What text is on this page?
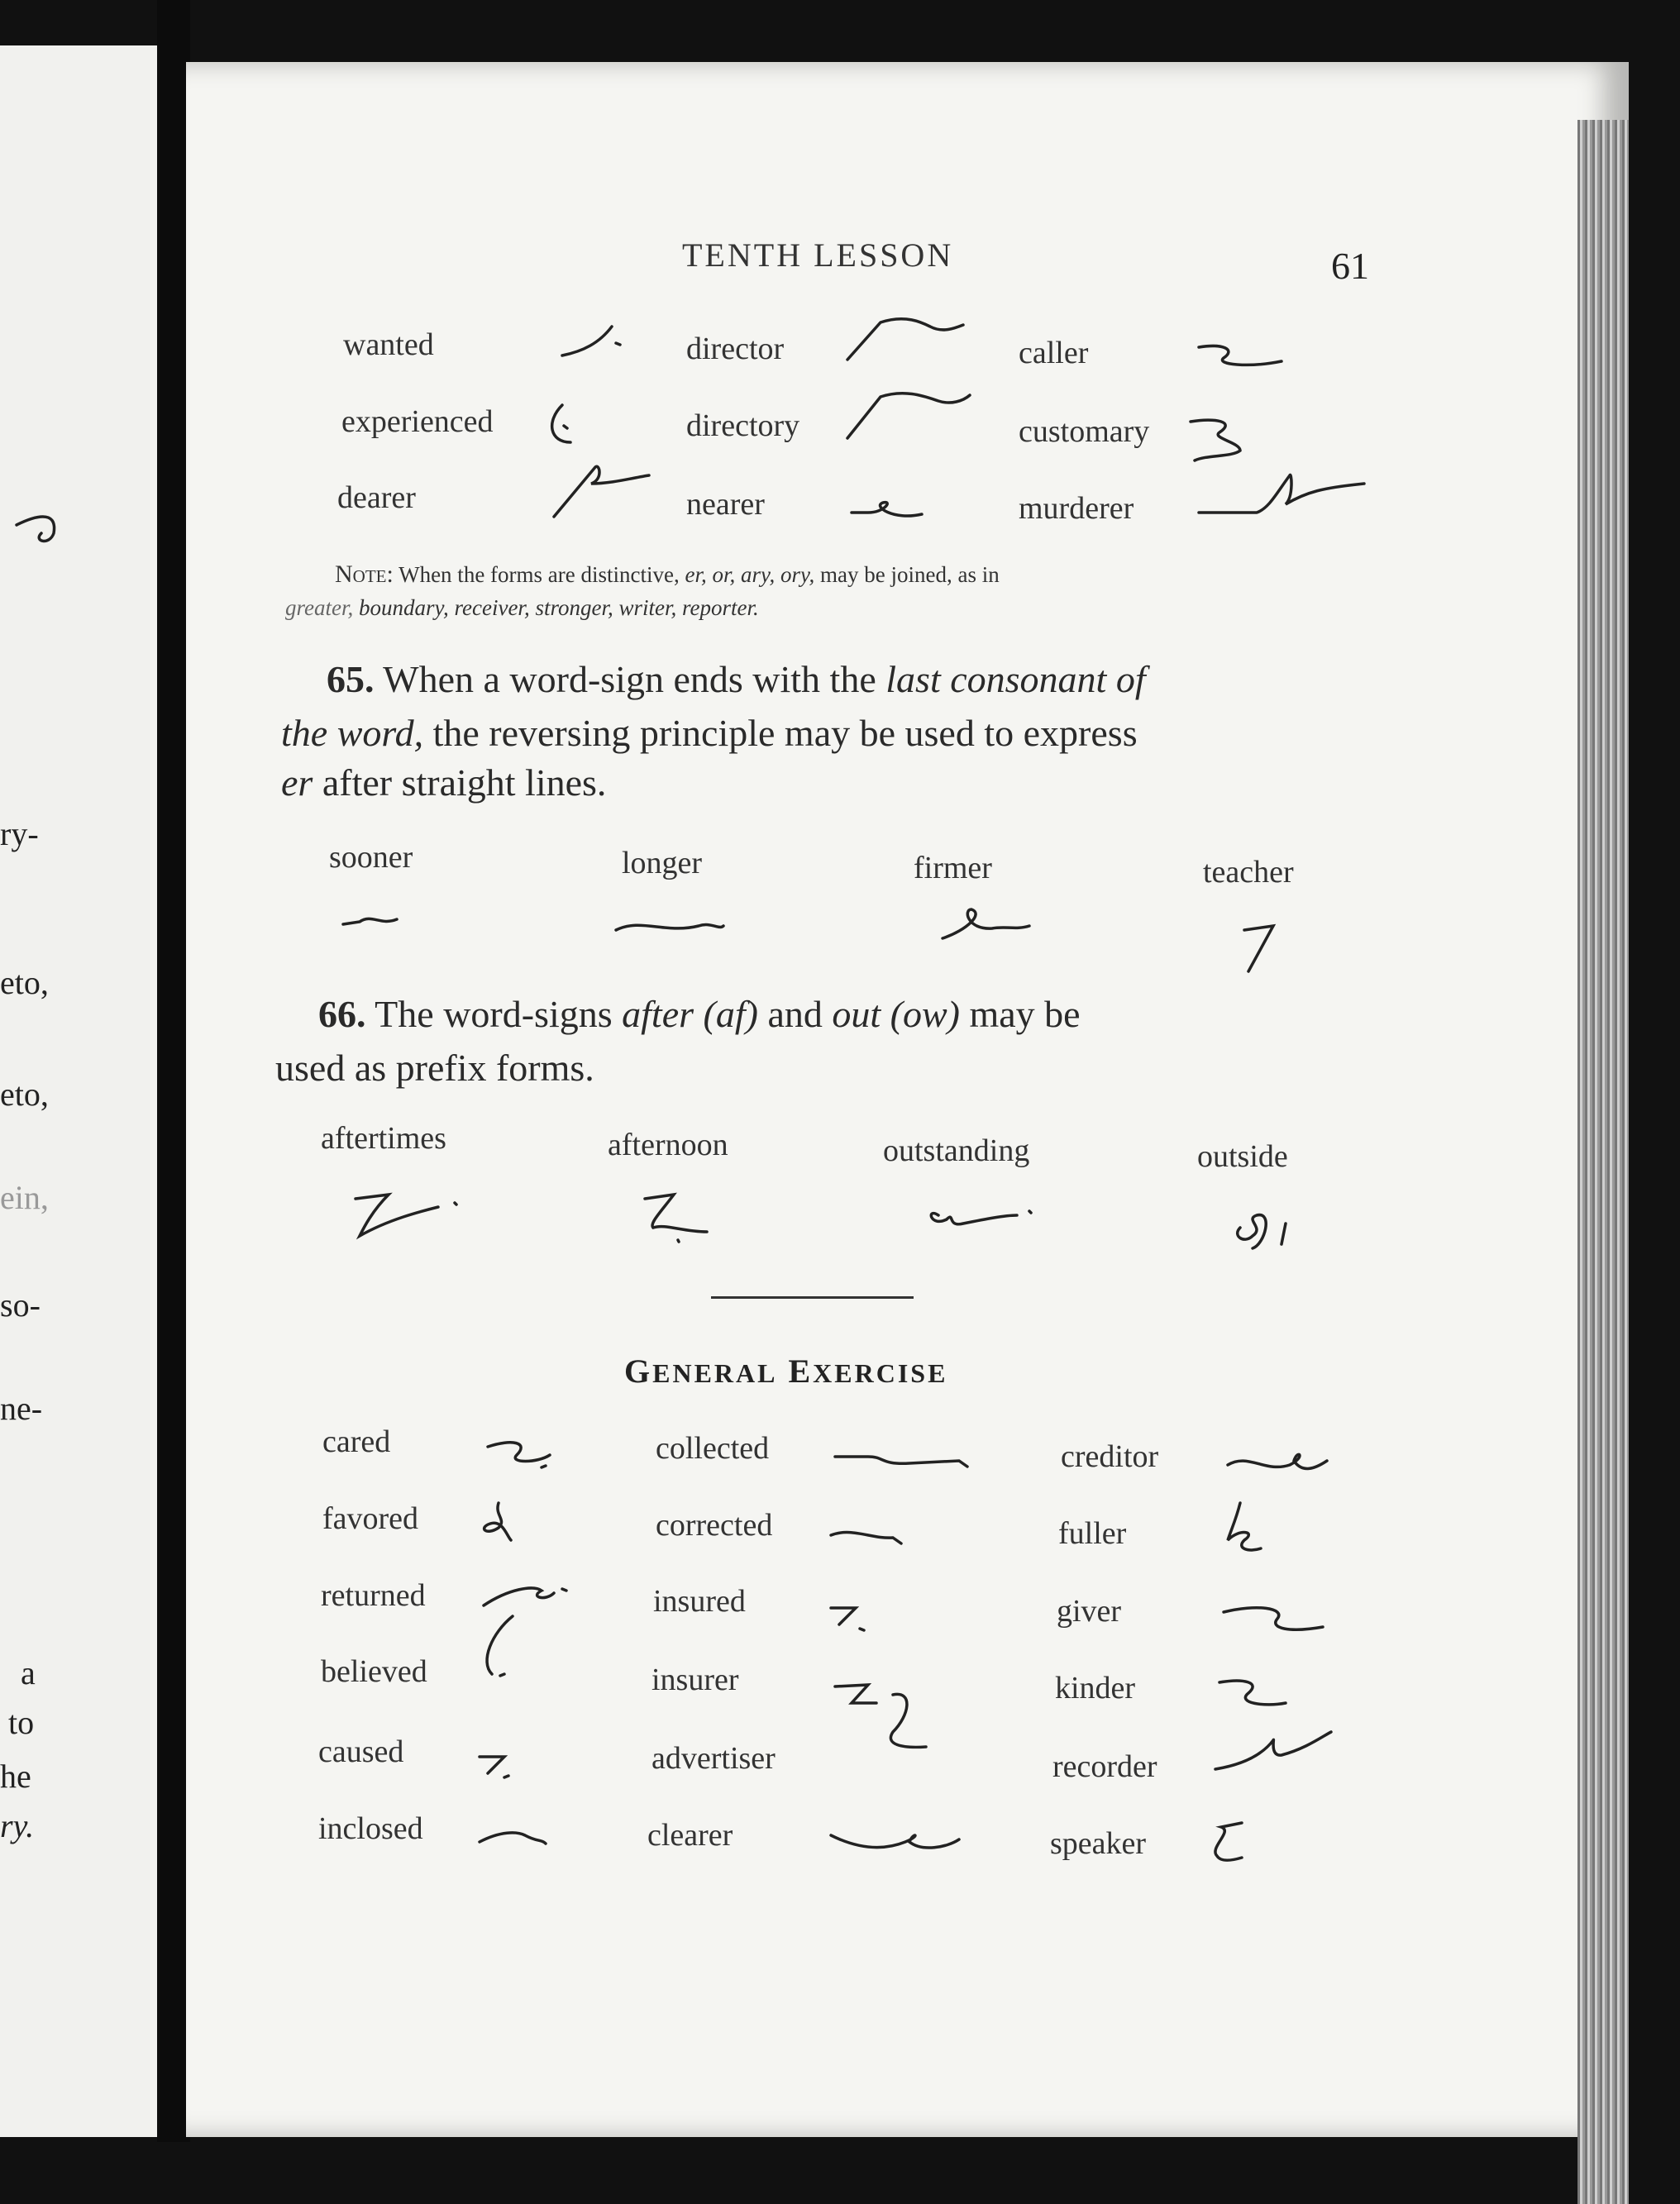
ry-
eto,
eto,
ein,
so-
ne-
a
to
he
ry.
TENTH LESSON	61
wanted	director	caller
experienced	directory	customary
dearer	nearer	murderer
Note: When the forms are distinctive, er, or, ary, ory, may be joined, as in
greater, boundary, receiver, stronger, writer, reporter.
65. When a word-sign ends with the last consonant of
the word, the reversing principle may be used to express
er after straight lines.
sooner	longer	firmer	teacher
66. The word-signs after (af) and out (ow) may be
used as prefix forms.
aftertimes	afternoon	outstanding	outside
GENERAL EXERCISE
cared	collected	creditor
favored	corrected	fuller
returned	insured	giver
believed	insurer	kinder
caused	advertiser	recorder
inclosed	clearer	speaker
